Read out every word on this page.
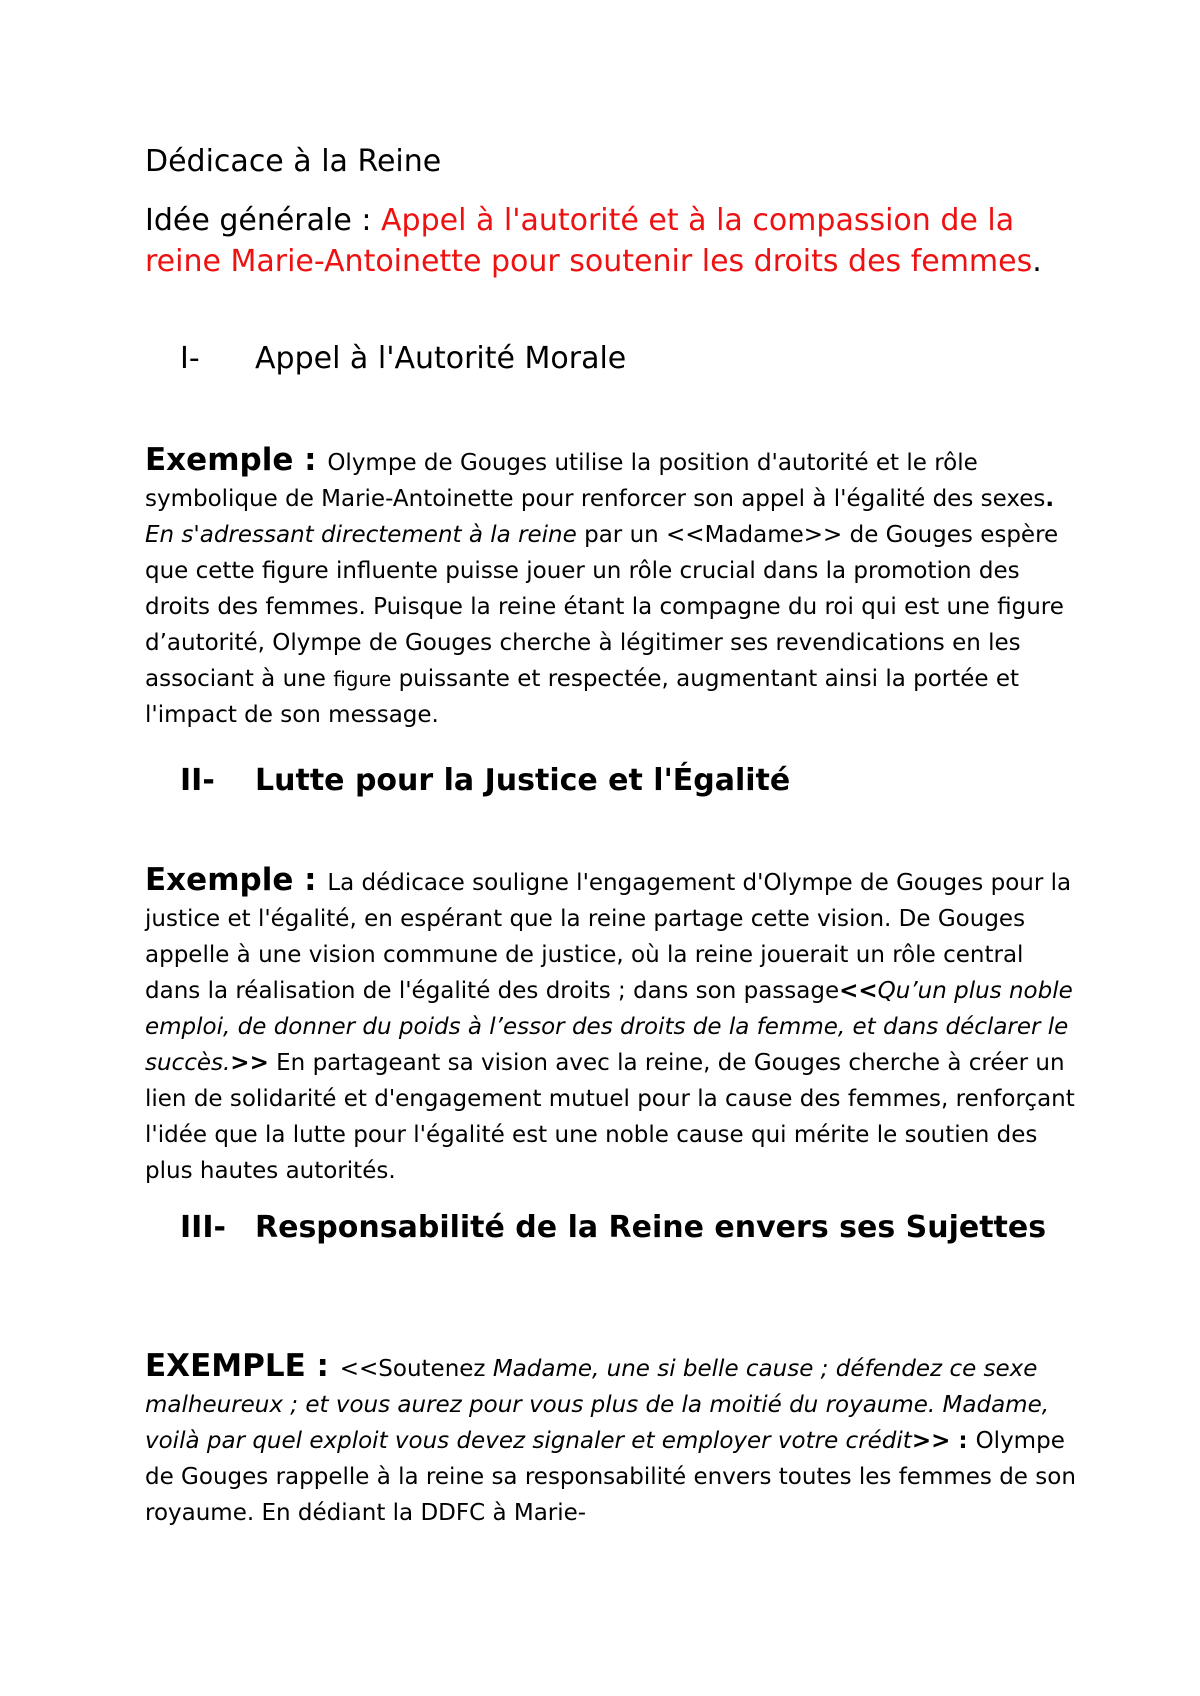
Dédicace à la Reine

Idée générale : Appel à l'autorité et à la compassion de la reine Marie-Antoinette pour soutenir les droits des femmes.

I- Appel à l'Autorité Morale

Exemple : Olympe de Gouges utilise la position d'autorité et le rôle symbolique de Marie-Antoinette pour renforcer son appel à l'égalité des sexes. En s'adressant directement à la reine par un <<Madame>> de Gouges espère que cette figure influente puisse jouer un rôle crucial dans la promotion des droits des femmes. Puisque la reine étant la compagne du roi qui est une figure d’autorité, Olympe de Gouges cherche à légitimer ses revendications en les associant à une figure puissante et respectée, augmentant ainsi la portée et l'impact de son message.

II- Lutte pour la Justice et l'Égalité

Exemple : La dédicace souligne l'engagement d'Olympe de Gouges pour la justice et l'égalité, en espérant que la reine partage cette vision. De Gouges appelle à une vision commune de justice, où la reine jouerait un rôle central dans la réalisation de l'égalité des droits ; dans son passage<<Qu’un plus noble emploi, de donner du poids à l’essor des droits de la femme, et dans déclarer le succès.>> En partageant sa vision avec la reine, de Gouges cherche à créer un lien de solidarité et d'engagement mutuel pour la cause des femmes, renforçant l'idée que la lutte pour l'égalité est une noble cause qui mérite le soutien des plus hautes autorités.

III- Responsabilité de la Reine envers ses Sujettes

EXEMPLE : <<Soutenez Madame, une si belle cause ; défendez ce sexe malheureux ; et vous aurez pour vous plus de la moitié du royaume. Madame, voilà par quel exploit vous devez signaler et employer votre crédit>> : Olympe de Gouges rappelle à la reine sa responsabilité envers toutes les femmes de son royaume. En dédiant la DDFC à Marie-
